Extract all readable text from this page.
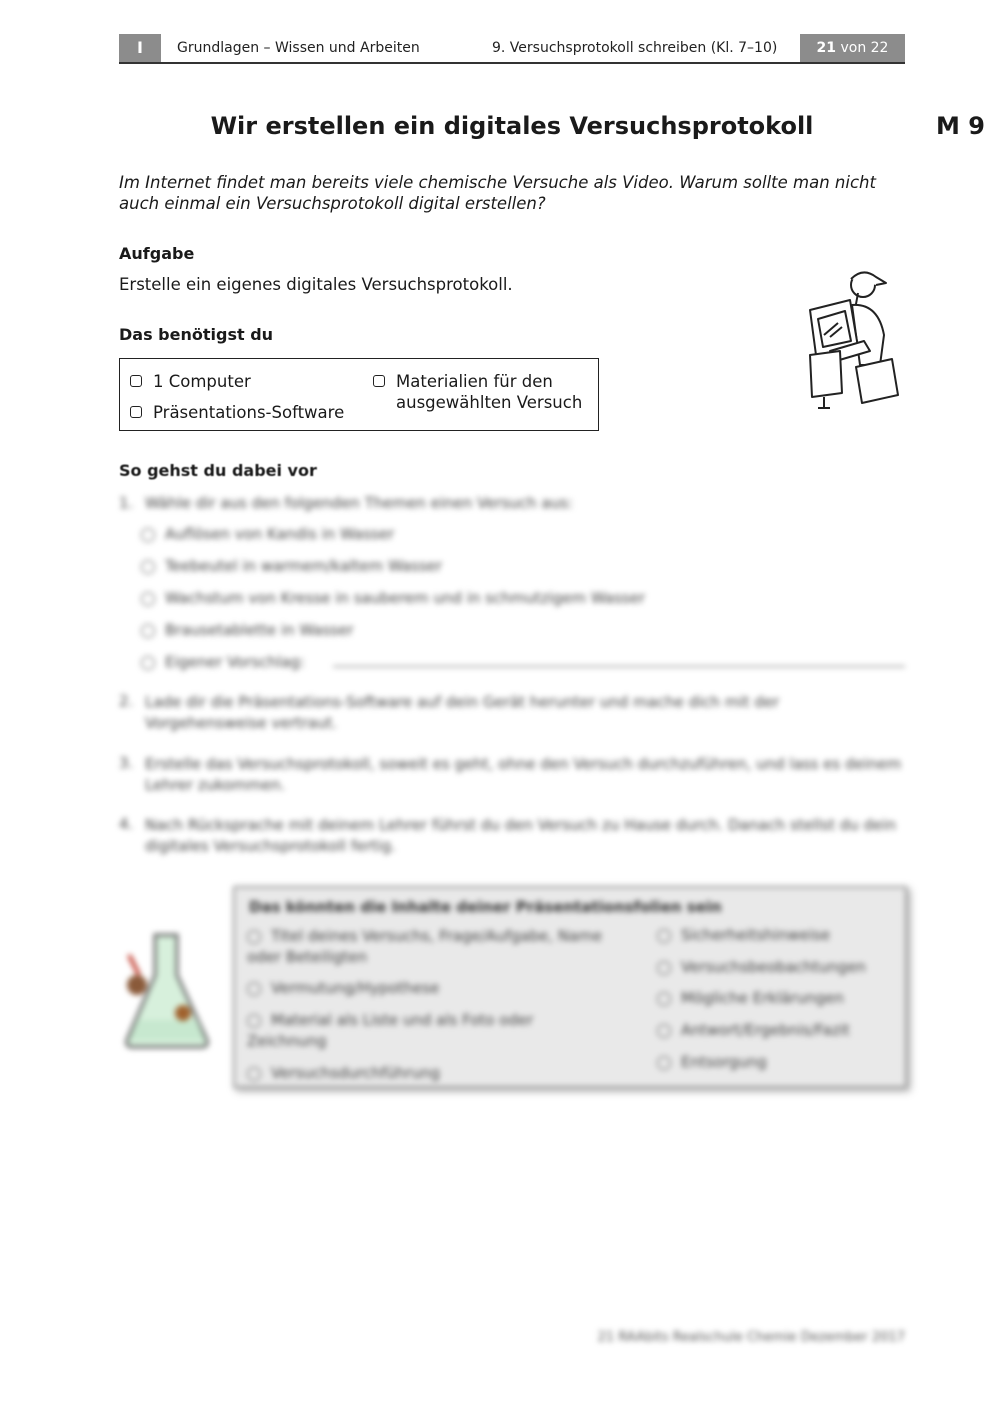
I	Grundlagen – Wissen und Arbeiten	9. Versuchsprotokoll schreiben (Kl. 7–10)	21 von 22
Wir erstellen ein digitales Versuchsprotokoll	M 9
Im Internet findet man bereits viele chemische Versuche als Video. Warum sollte man nicht auch einmal ein Versuchsprotokoll digital erstellen?
Aufgabe
Erstelle ein eigenes digitales Versuchsprotokoll.
Das benötigst du
1 Computer
Präsentations-Software
Materialien für den ausgewählten Versuch
So gehst du dabei vor
1. Wähle dir aus den folgenden Themen einen Versuch aus:
Auflösen von Kandis in Wasser
Teebeutel in warmem/kaltem Wasser
Wachstum von Kresse in sauberem und in schmutzigem Wasser
Brausetablette in Wasser
Eigener Vorschlag:
2. Lade dir die Präsentations-Software auf dein Gerät herunter und mache dich mit der Vorgehensweise vertraut.
3. Erstelle das Versuchsprotokoll, soweit es geht, ohne den Versuch durchzuführen, und lass es deinem Lehrer zukommen.
4. Nach Rücksprache mit deinem Lehrer führst du den Versuch zu Hause durch. Danach stellst du dein digitales Versuchsprotokoll fertig.
Das könnten die Inhalte deiner Präsentationsfolien sein
Titel deines Versuchs, Frage/Aufgabe, Name oder Beteiligten
Vermutung/Hypothese
Material als Liste und als Foto oder Zeichnung
Versuchsdurchführung
Sicherheitshinweise
Versuchsbeobachtungen
Mögliche Erklärungen
Antwort/Ergebnis/Fazit
Entsorgung
21 RAAbits Realschule Chemie Dezember 2017
